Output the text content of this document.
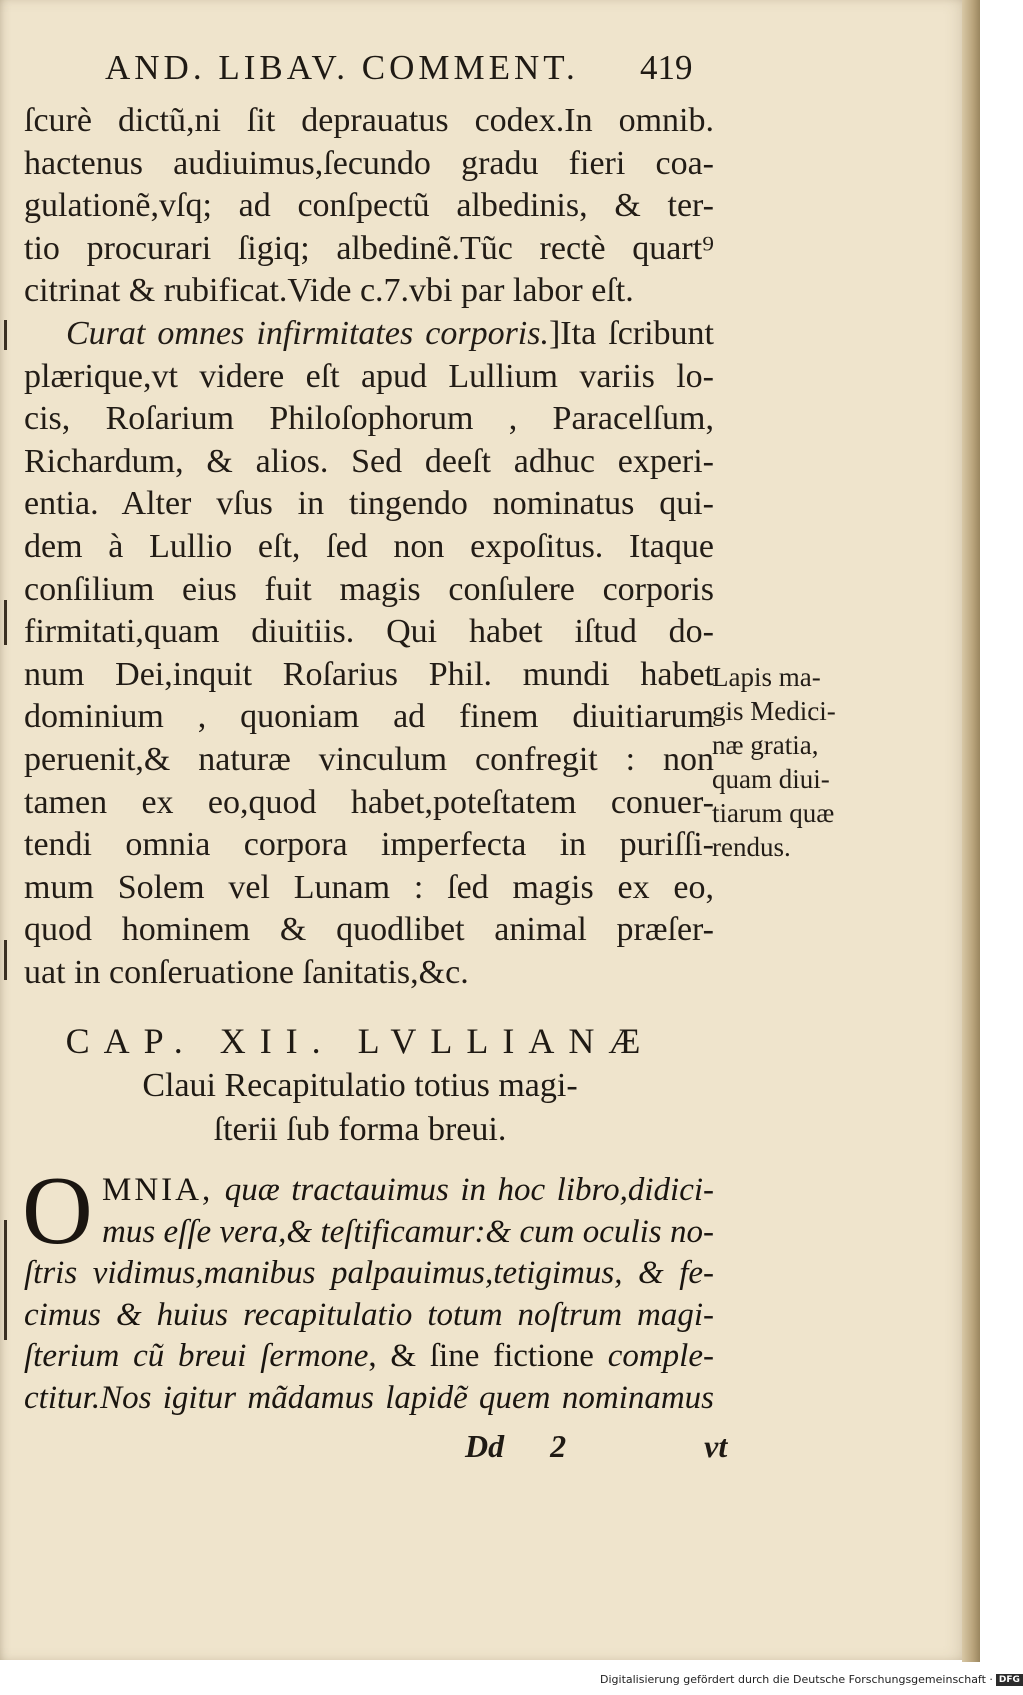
AND. LIBAV. COMMENT.	419
ſcurè dictũ,ni ſit deprauatus codex.In omnib.
hactenus audiuimus,ſecundo gradu fieri coa-
gulationẽ,vſq; ad conſpectũ albedinis, & ter-
tio procurari ſigiq; albedinẽ.Tũc rectè quart⁹
citrinat & rubificat.Vide c.7.vbi par labor eſt.
Curat omnes infirmitates corporis.]Ita ſcribunt
plærique,vt videre eſt apud Lullium variis lo-
cis, Roſarium Philoſophorum , Paracelſum,
Richardum, & alios. Sed deeſt adhuc experi-
entia. Alter vſus in tingendo nominatus qui-
dem à Lullio eſt, ſed non expoſitus. Itaque
conſilium eius fuit magis conſulere corporis
firmitati,quam diuitiis. Qui habet iſtud do-
num Dei,inquit Roſarius Phil. mundi habet
dominium , quoniam ad finem diuitiarum
peruenit,& naturæ vinculum confregit : non
tamen ex eo,quod habet,poteſtatem conuer-
tendi omnia corpora imperfecta in puriſſi-
mum Solem vel Lunam : ſed magis ex eo,
quod hominem & quodlibet animal præſer-
uat in conſeruatione ſanitatis,&c.
Lapis ma-
gis Medici-
næ gratia,
quam diui-
tiarum quæ
rendus.
CAP. XII. LVLLIANÆ
Claui Recapitulatio totius magi-
ſterii ſub forma breui.
O MNIA, quæ tractauimus in hoc libro,didici-
mus eſſe vera,& teſtificamur:& cum oculis no-
ſtris vidimus,manibus palpauimus,tetigimus, & fe-
cimus & huius recapitulatio totum noſtrum magi-
ſterium cũ breui ſermone, & ſine fictione comple-
ctitur.Nos igitur mãdamus lapidẽ quem nominamus
Dd 2	vt
Digitalisierung gefördert durch die Deutsche Forschungsgemeinschaft · DFG
